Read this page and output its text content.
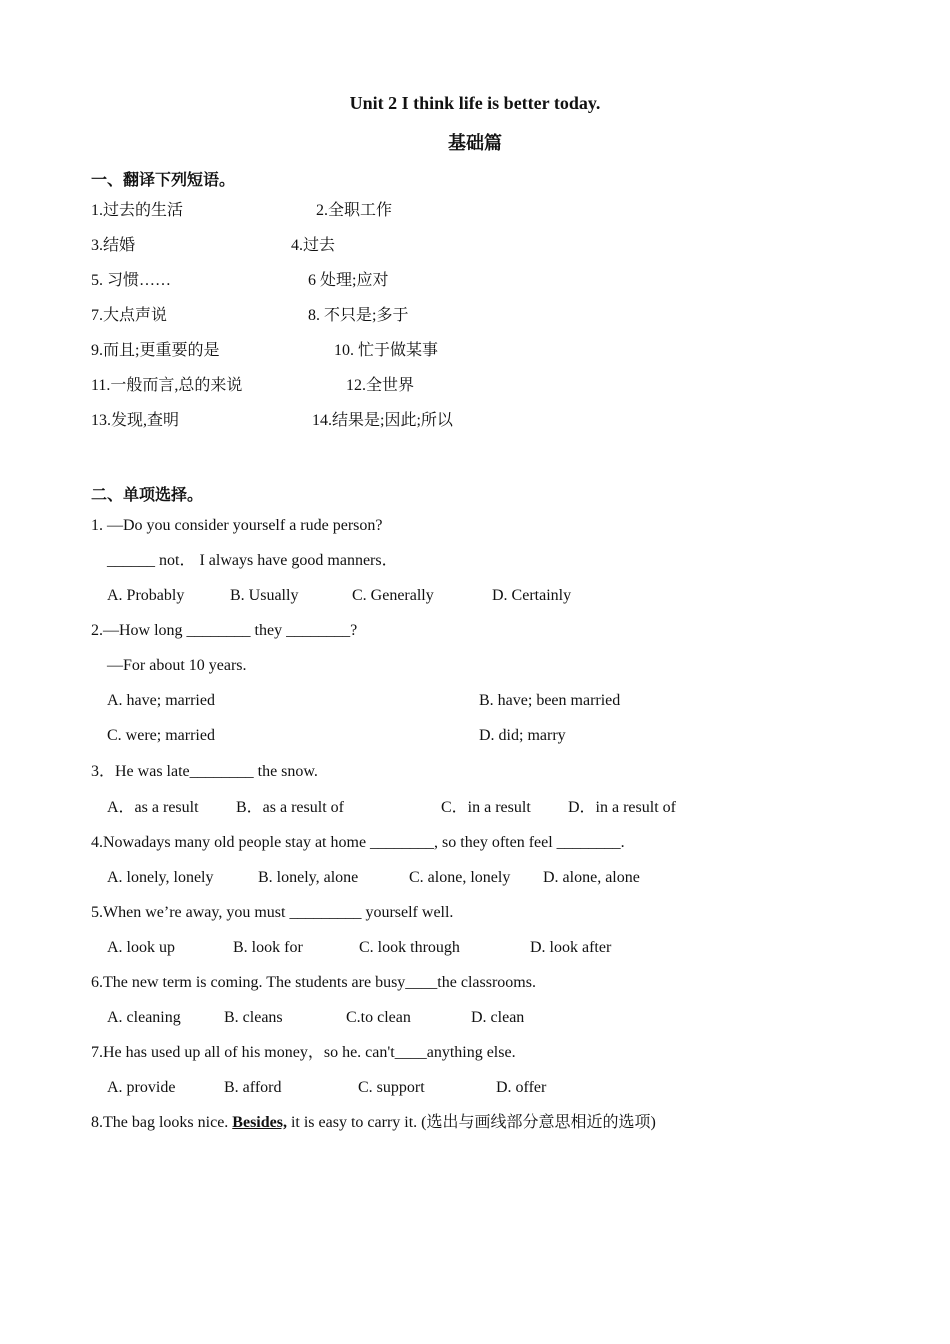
Unit 2 I think life is better today.
基础篇
一、翻译下列短语。
1.过去的生活	2.全职工作
3.结婚	4.过去
5. 习惯……	6 处理;应对
7.大点声说	8. 不只是;多于
9.而且;更重要的是	10. 忙于做某事
11.一般而言,总的来说	12.全世界
13.发现,查明	14.结果是;因此;所以
二、单项选择。
1. —Do you consider yourself a rude person?
______ not． I always have good manners．
A. Probably	B. Usually	C. Generally	D. Certainly
2.—How long ________ they ________?
—For about 10 years.
A. have; married	B. have; been married
C. were; married	D. did; marry
3．He was late________ the snow.
A．as a result B．as a result of	C．in a result D．in a result of
4.Nowadays many old people stay at home ________, so they often feel ________.
A. lonely, lonely	B. lonely, alone	C. alone, lonely D. alone, alone
5.When we’re away, you must _________ yourself well.
A. look up	B. look for	C. look through	D. look after
6.The new term is coming. The students are busy____the classrooms.
A. cleaning	B. cleans	C.to clean	D. clean
7.He has used up all of his money，so he. can't____anything else.
A. provide	B. afford	C. support	D. offer
8.The bag looks nice. Besides, it is easy to carry it. (选出与画线部分意思相近的选项)
